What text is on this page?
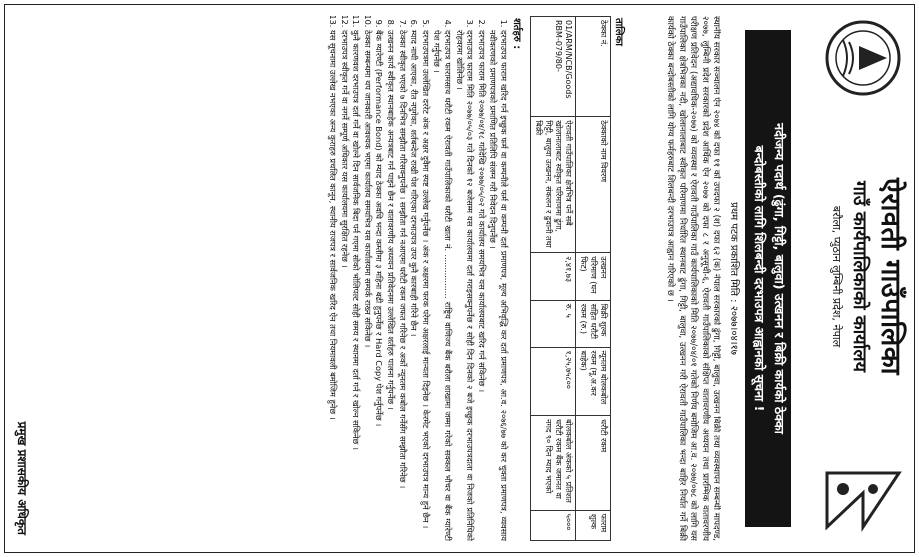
ऐरावती गाउँपालिका
गाउँ कार्यपालिकाको कार्यालय
बरौला, प्युठान लुम्बिनी प्रदेश, नेपाल
नदीजन्य पदार्थ (ढुंगा, गिट्टी, बालुवा) उत्खनन र बिक्री कार्यको ठेक्का
बन्दोबस्तीको लागि शिलबन्दी दरभाउपत्र आह्वानको सूचना !
प्रथम पटक प्रकाशित मिति : २०७७।०४।१७
स्थानीय सरकार सञ्चालन ऐन २०७४ को दफा ११ को उपदफा २ (श) दफा ६२ (क) नेपाल सरकारको ढुंगा, गिट्टी, बालुवा, उत्खनन बिक्री तथा व्यवस्थापन सम्बन्धी मापदण्ड, २०७७, लुम्बिनी प्रदेश सरकारको प्रदेश आर्थिक ऐन २०७७ को दफा ८ र अनुसूची-६, ऐरावती गाउँपालिकाको संक्षिप्त वातावरणीय अध्ययन तथा प्रारम्भिक वातावरणीय परीक्षण प्रतिवेदन (अद्यावधिक-२०७७) को व्यवस्था र ऐरावती गाउँपालिका गाउँ कार्यपालिकाको मिति २०७७/०४/०१ गतेको निर्णय बमोजिम आ.व. २०७७/०७८ को लागि यस गाउँपालिका क्षेत्रभित्रका नदी, खोलानालाबाट स्वीकृत परिमाणमा निर्धारित स्थानबाट ढुंगा, गिट्टी, बालुवा, उत्खनन गरी ऐरावती गाउँपालिका भन्दा बाहिर निर्यात गर्ने बिक्री कार्यको ठेक्का बन्दोबस्तीको लागि योग्य फर्महरुबाट शिलबन्दी दरभाउपत्र आह्वान गरिएको छ ।
तालिका
ठेक्का नं.	ठेक्काको नाम विवरण	उत्खनन परिमाण (घन फिट)	बिक्री शुल्क सहित धरौटी रकम (रु.)	न्यूनतम बोलकबोल रकम (मू.अ.कर बाहेक)	धरौटी रकम	फाराम शुल्क
01/ARM/NCB/Goods RBM-079/80-	ऐरावती गाउँपालिका क्षेत्रभित्र पर्ने सबै खोलानालाबाट स्वीकृत परिमाणमा ढुंगा, गिट्टी, बालुवा उत्खनन, संकलन र ढुवानी तथा बिक्री	२,४१,७३	रु. ५	१,२५,७५८००	बोलकबोल अंकको ५ प्रतिशत धरौटी रकम बैंक जमानत वा नगद ९० दिन म्याद भएको	५०००
शर्तहरु :
1. दरभाउपत्र फाराम खरिद गर्न इच्छुक फर्म वा कम्पनीले फर्म वा कम्पनी दर्ता प्रमाणपत्र, मूल्य अभिवृद्धि कर दर्ता प्रमाणपत्र, आ.व. २०७६/७७ को कर चुक्ता प्रमाणपत्र, व्यवसाय नवीकरणको प्रमाणपत्रको प्रमाणित प्रतिलिपि संलग्न गरी निवेदन दिनुपर्नेछ ।
2. दरभाउपत्र फाराम मिति २०७७/०४/१८ गतेदेखि २०७७/०५/०२ गते कार्यालय समयभित्र यस कार्यालयबाट खरिद गर्न सकिनेछ ।
3. दरभाउपत्र फाराम मिति २०७७/०५/०३ गते दिनको १२ बजेसम्म यस कार्यालयमा दर्ता गराइसक्नुपर्नेछ र सोही दिन दिनको २ बजे इच्छुक दरभाउपत्रदाता वा निजको प्रतिनिधिको रोहवरमा खोलिनेछ ।
4. दरभाउपत्र फारामसाथ धरौटी रकम ऐरावती गाउँपालिकाको धरौटी खाता नं. ................. राष्ट्रिय वाणिज्य बैंक बरौला शाखामा जम्मा गरेको सक्कल भौचर वा बैंक ग्यारेण्टी पेश गर्नुपर्नेछ ।
5. दरभाउपत्रमा उल्लेखित दररेट अंक र अक्षर दुवैमा स्पष्ट उल्लेख गर्नुपर्नेछ । अंक र अक्षरमा फरक परेमा अक्षरलाई मान्यता दिइनेछ । केरमेट भएको दरभाउपत्र मान्य हुने छैन ।
6. म्याद नाघी आएका, रीत नपुगेका, शर्तबन्देज राखी पेश गरिएका दरभाउपत्र उपर कुनै कारबाही गरिने छैन ।
7. ठेक्का स्वीकृत भएको ७ दिनभित्र सम्झौता गरिसक्नुपर्नेछ । सम्झौता गर्न नआएमा धरौटी रकम जफत गरिनेछ र अर्को न्यूनतम कबोल गर्नेसँग सम्झौता गरिनेछ ।
8. उत्खनन कार्य स्वीकृत स्थानबाहेक अन्यत्रबाट गर्न पाइने छैन र वातावरणीय अध्ययन प्रतिवेदनमा उल्लेखित शर्तहरु पालना गर्नुपर्नेछ ।
9. बैंक ग्यारेण्टी (Performance Bond) को म्याद ठेक्का अवधि भन्दा कम्तीमा ३ महिना बढी हुनुपर्नेछ र Hard Copy पेश गर्नुपर्नेछ ।
10. ठेक्का सम्बन्धमा थप जानकारी आवश्यक भएमा कार्यालय समयभित्र यस कार्यालयमा सम्पर्क राख्न सकिनेछ ।
11. कुनै कारणवश दरभाउपत्र दर्ता गर्ने वा खोल्ने दिन सार्वजनिक बिदा पर्न गएमा सोको भोलिपल्ट सोही समय र स्थानमा दर्ता गर्न र खोल्न सकिनेछ ।
12. दरभाउपत्र स्वीकृत गर्ने वा नगर्ने सम्पूर्ण अधिकार यस कार्यालयमा सुरक्षित रहनेछ ।
13. यस सूचनामा उल्लेख नभएका अन्य कुराहरु प्रचलित कानून, स्थानीय राजपत्र र सार्वजनिक खरिद ऐन तथा नियमावली बमोजिम हुनेछ ।
प्रमुख प्रशासकीय अधिकृत
